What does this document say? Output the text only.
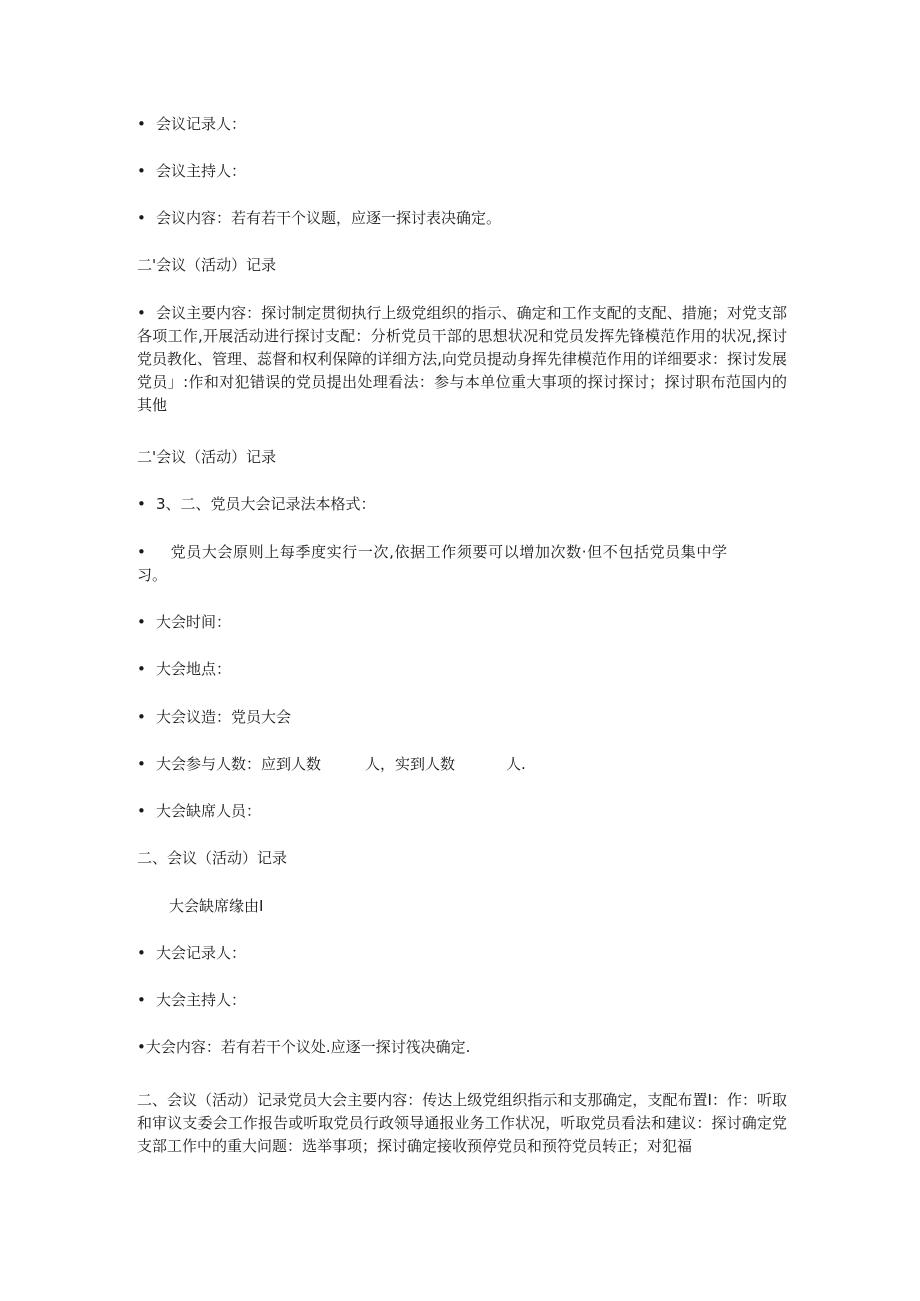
• 会议记录人：
• 会议主持人：
• 会议内容：若有若干个议题，应逐一探讨表决确定。
二'会议（活动）记录
• 会议主要内容：探讨制定贯彻执行上级党组织的指示、确定和工作支配的支配、措施；对党支部各项工作,开展活动进行探讨支配：分析党员干部的思想状况和党员发挥先锋模范作用的状况,探讨党员教化、管理、蕊督和权利保障的详细方法,向党员提动身挥先律模范作用的详细要求：探讨发展党员」:作和对犯错误的党员提出处理看法：参与本单位重大事项的探讨探讨；探讨职布范国内的其他
二'会议（活动）记录
• 3、二、党员大会记录法本格式：
• 党员大会原则上每季度实行一次,依据工作须要可以增加次数·但不包括党员集中学习。
• 大会时间：
• 大会地点：
• 大会议造：党员大会
• 大会参与人数：应到人数	人，实到人数	人.
• 大会缺席人员：
二、会议（活动）记录
大会缺席缘由I
• 大会记录人：
• 大会主持人：
•大会内容：若有若干个议处.应逐一探讨筏决确定.
二、会议（活动）记录党员大会主要内容：传达上级党组织指示和支那确定，支配布置I：作：听取和审议支委会工作报告或听取党员行政领导通报业务工作状况，听取党员看法和建议：探讨确定党支部工作中的重大问题：选举事项；探讨确定接收预停党员和预符党员转正；对犯福
